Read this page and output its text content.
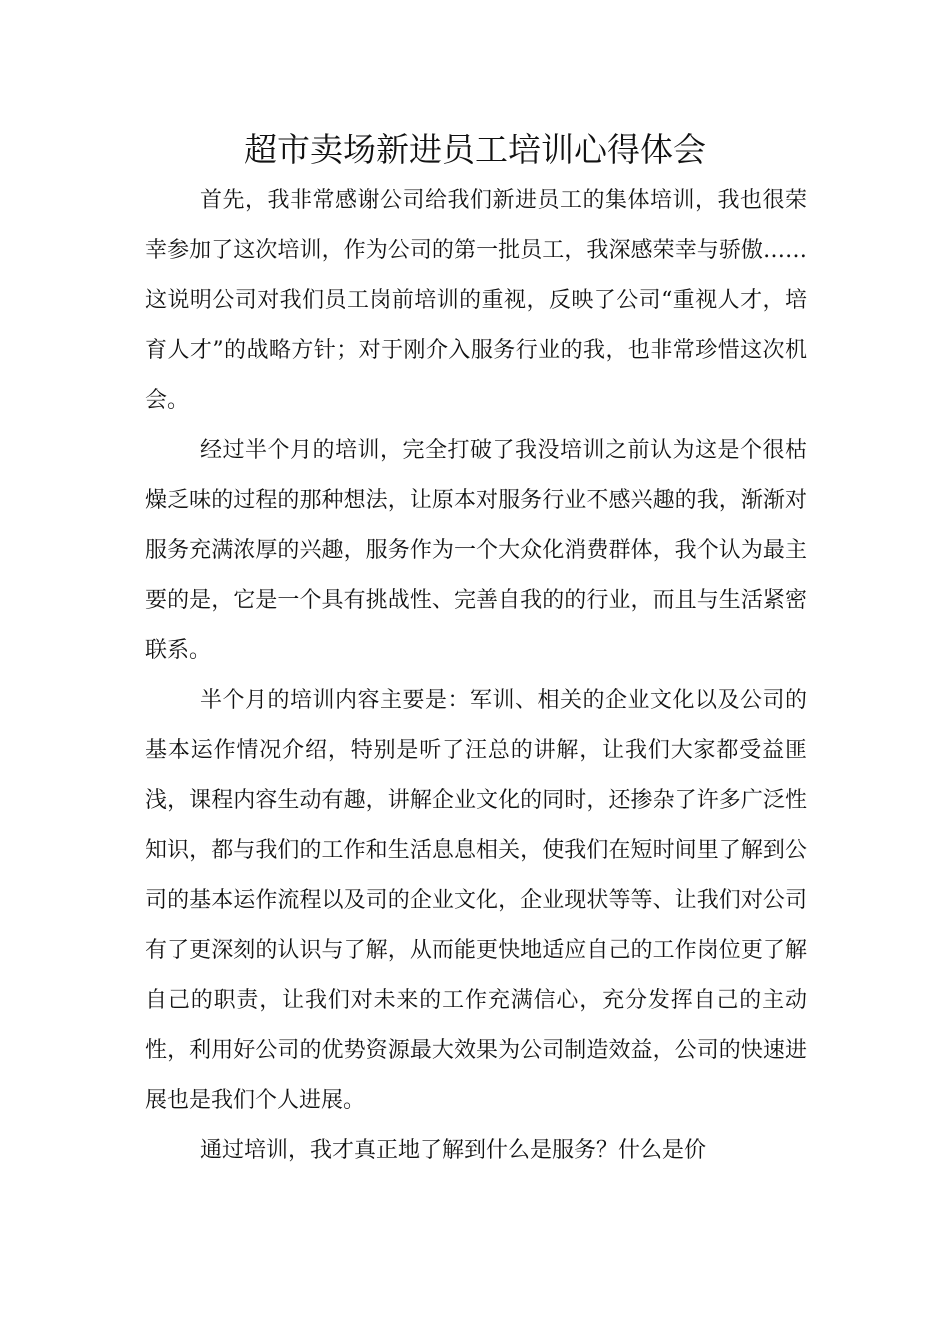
超市卖场新进员工培训心得体会

首先，我非常感谢公司给我们新进员工的集体培训，我也很荣幸参加了这次培训，作为公司的第一批员工，我深感荣幸与骄傲……这说明公司对我们员工岗前培训的重视，反映了公司“重视人才，培育人才”的战略方针；对于刚介入服务行业的我，也非常珍惜这次机会。

经过半个月的培训，完全打破了我没培训之前认为这是个很枯燥乏味的过程的那种想法，让原本对服务行业不感兴趣的我，渐渐对服务充满浓厚的兴趣，服务作为一个大众化消费群体，我个认为最主要的是，它是一个具有挑战性、完善自我的的行业，而且与生活紧密联系。

半个月的培训内容主要是：军训、相关的企业文化以及公司的基本运作情况介绍，特别是听了汪总的讲解，让我们大家都受益匪浅，课程内容生动有趣，讲解企业文化的同时，还掺杂了许多广泛性知识，都与我们的工作和生活息息相关，使我们在短时间里了解到公司的基本运作流程以及司的企业文化，企业现状等等、让我们对公司有了更深刻的认识与了解，从而能更快地适应自己的工作岗位更了解自己的职责，让我们对未来的工作充满信心，充分发挥自己的主动性，利用好公司的优势资源最大效果为公司制造效益，公司的快速进展也是我们个人进展。

通过培训，我才真正地了解到什么是服务？什么是价
